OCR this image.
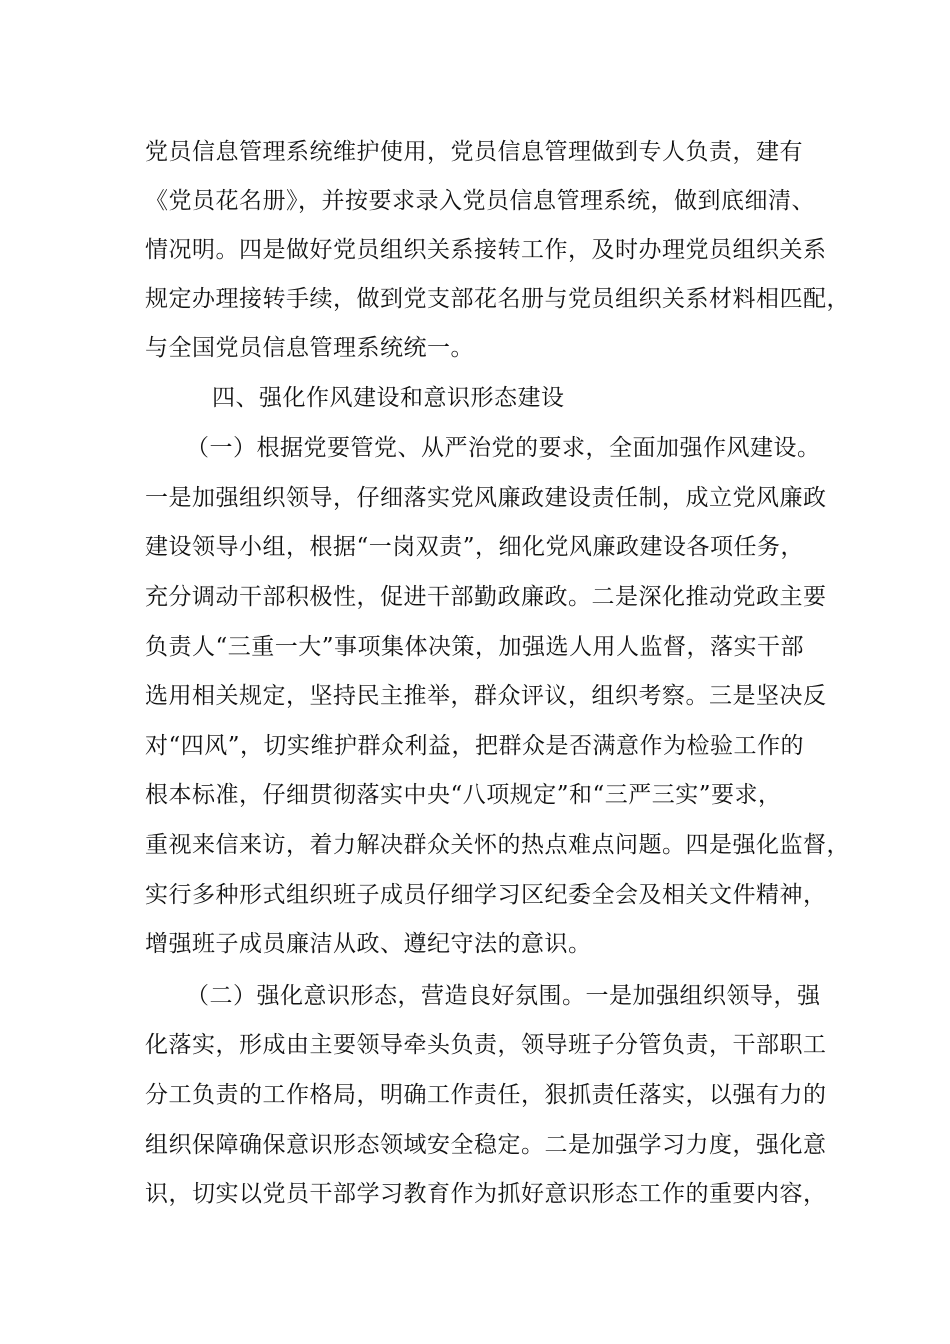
党员信息管理系统维护使用，党员信息管理做到专人负责，建有
《党员花名册》，并按要求录入党员信息管理系统，做到底细清、
情况明。四是做好党员组织关系接转工作，及时办理党员组织关系
规定办理接转手续，做到党支部花名册与党员组织关系材料相匹配，
与全国党员信息管理系统统一。
四、强化作风建设和意识形态建设
（一）根据党要管党、从严治党的要求，全面加强作风建设。
一是加强组织领导，仔细落实党风廉政建设责任制，成立党风廉政
建设领导小组，根据“一岗双责”，细化党风廉政建设各项任务，
充分调动干部积极性，促进干部勤政廉政。二是深化推动党政主要
负责人“三重一大”事项集体决策，加强选人用人监督，落实干部
选用相关规定，坚持民主推举，群众评议，组织考察。三是坚决反
对“四风”，切实维护群众利益，把群众是否满意作为检验工作的
根本标准，仔细贯彻落实中央“八项规定”和“三严三实”要求，
重视来信来访，着力解决群众关怀的热点难点问题。四是强化监督，
实行多种形式组织班子成员仔细学习区纪委全会及相关文件精神，
增强班子成员廉洁从政、遵纪守法的意识。
（二）强化意识形态，营造良好氛围。一是加强组织领导，强
化落实，形成由主要领导牵头负责，领导班子分管负责，干部职工
分工负责的工作格局，明确工作责任，狠抓责任落实，以强有力的
组织保障确保意识形态领域安全稳定。二是加强学习力度，强化意
识，切实以党员干部学习教育作为抓好意识形态工作的重要内容，
